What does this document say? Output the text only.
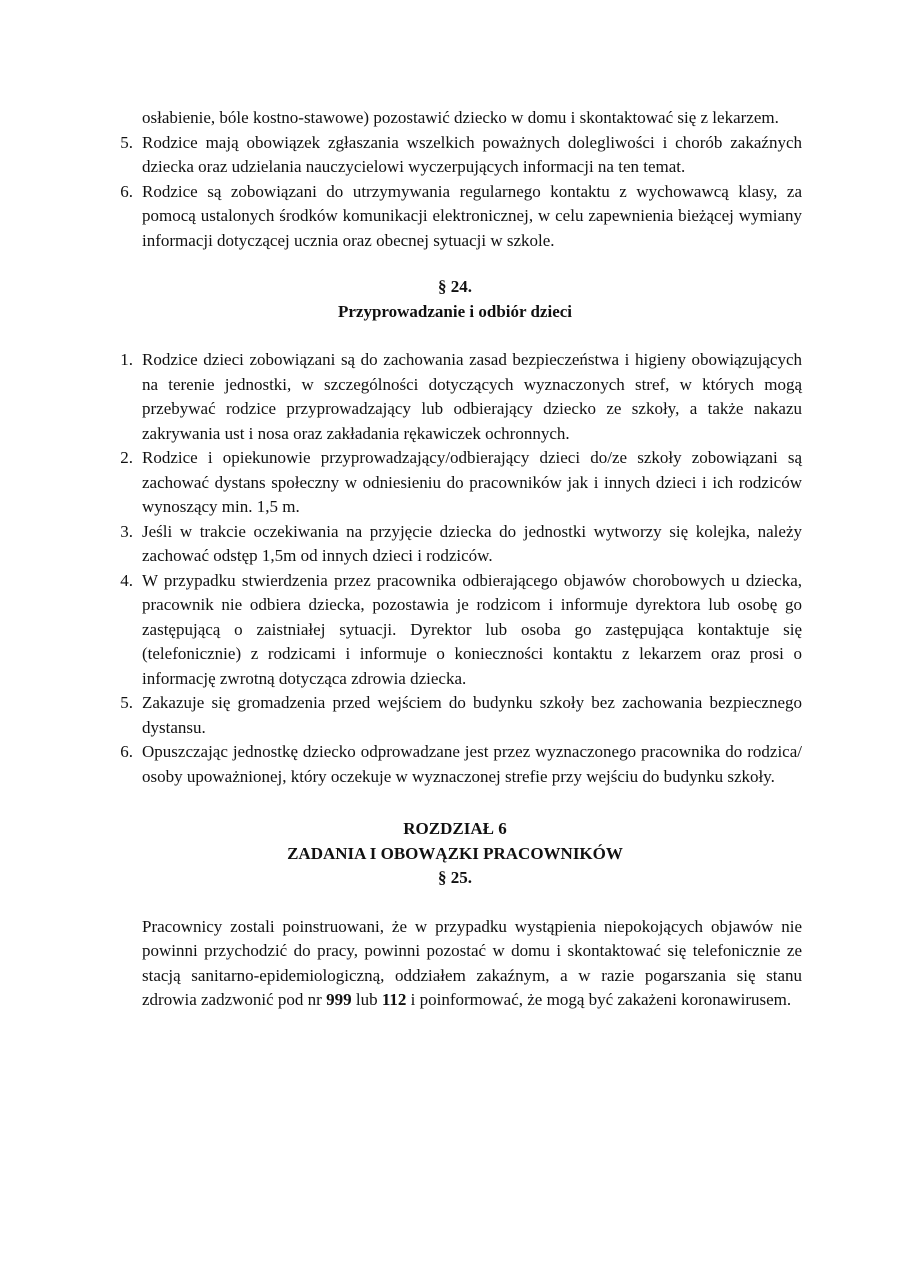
osłabienie, bóle kostno-stawowe) pozostawić dziecko w domu i skontaktować się z lekarzem.
5. Rodzice mają obowiązek zgłaszania wszelkich poważnych dolegliwości i chorób zakaźnych dziecka oraz udzielania nauczycielowi wyczerpujących informacji na ten temat.
6. Rodzice są zobowiązani do utrzymywania regularnego kontaktu z wychowawcą klasy, za pomocą ustalonych środków komunikacji elektronicznej, w celu zapewnienia bieżącej wymiany informacji dotyczącej ucznia oraz obecnej sytuacji w szkole.

§ 24.

Przyprowadzanie i odbiór dzieci

1. Rodzice dzieci zobowiązani są do zachowania zasad bezpieczeństwa i higieny obowiązujących na terenie jednostki, w szczególności dotyczących wyznaczonych stref, w których mogą przebywać rodzice przyprowadzający lub odbierający dziecko ze szkoły, a także nakazu zakrywania ust i nosa oraz zakładania rękawiczek ochronnych.
2. Rodzice i opiekunowie przyprowadzający/odbierający dzieci do/ze szkoły zobowiązani są zachować dystans społeczny w odniesieniu do pracowników jak i innych dzieci i ich rodziców wynoszący min. 1,5 m.
3. Jeśli w trakcie oczekiwania na przyjęcie dziecka do jednostki wytworzy się kolejka, należy zachować odstęp 1,5m od innych dzieci i rodziców.
4. W przypadku stwierdzenia przez pracownika odbierającego objawów chorobowych u dziecka, pracownik nie odbiera dziecka, pozostawia je rodzicom i informuje dyrektora lub osobę go zastępującą o zaistniałej sytuacji. Dyrektor lub osoba go zastępująca kontaktuje się (telefonicznie) z rodzicami i informuje o konieczności kontaktu z lekarzem oraz prosi o informację zwrotną dotycząca zdrowia dziecka.
5. Zakazuje się gromadzenia przed wejściem do budynku szkoły bez zachowania bezpiecznego dystansu.
6. Opuszczając jednostkę dziecko odprowadzane jest przez wyznaczonego pracownika do rodzica/ osoby upoważnionej, który oczekuje w wyznaczonej strefie przy wejściu do budynku szkoły.

ROZDZIAŁ 6

ZADANIA I OBOWĄZKI PRACOWNIKÓW

§ 25.

Pracownicy zostali poinstruowani, że w przypadku wystąpienia niepokojących objawów nie powinni przychodzić do pracy, powinni pozostać w domu i skontaktować się telefonicznie ze stacją sanitarno-epidemiologiczną, oddziałem zakaźnym, a w razie pogarszania się stanu zdrowia zadzwonić pod nr 999 lub 112 i poinformować, że mogą być zakażeni koronawirusem.
